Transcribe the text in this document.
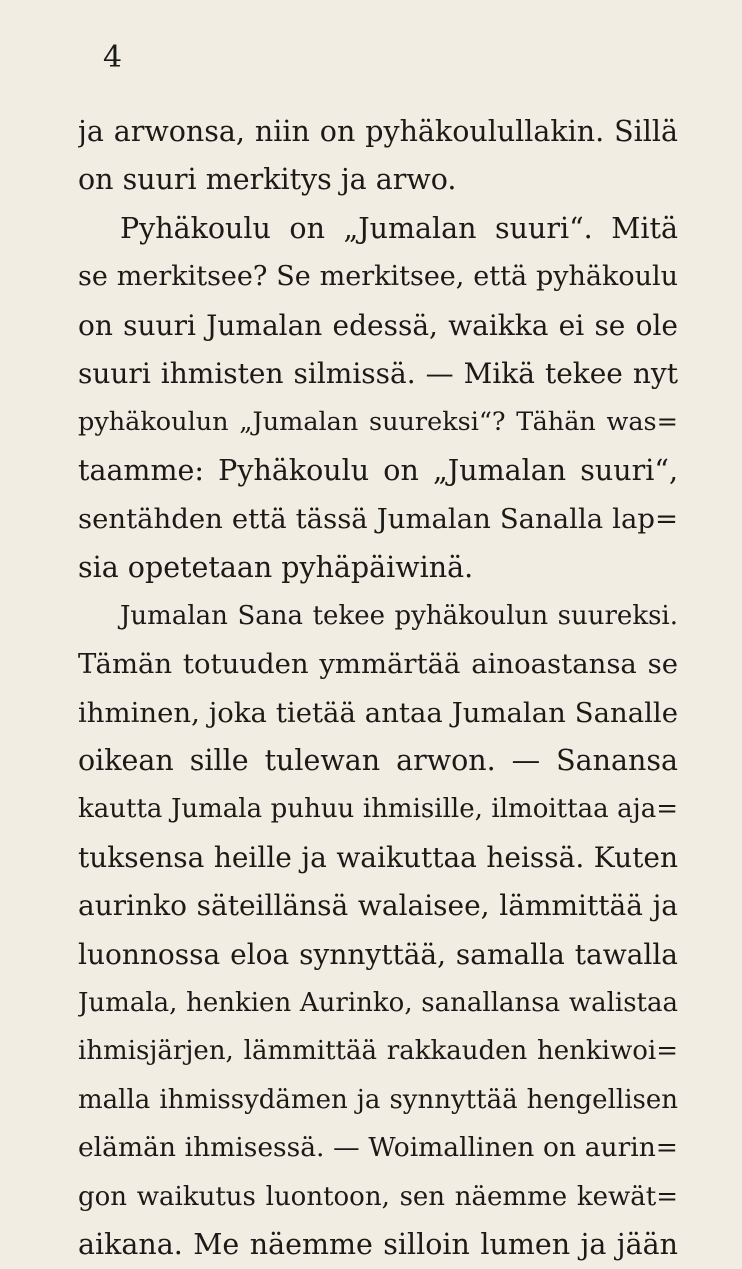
4
ja arwonsa, niin on pyhäkoulullakin. Sillä
on suuri merkitys ja arwo.
Pyhäkoulu on „Jumalan suuri“. Mitä
se merkitsee? Se merkitsee, että pyhäkoulu
on suuri Jumalan edessä, waikka ei se ole
suuri ihmisten silmissä. — Mikä tekee nyt
pyhäkoulun „Jumalan suureksi“? Tähän was=
taamme: Pyhäkoulu on „Jumalan suuri“,
sentähden että tässä Jumalan Sanalla lap=
sia opetetaan pyhäpäiwinä.
Jumalan Sana tekee pyhäkoulun suureksi.
Tämän totuuden ymmärtää ainoastansa se
ihminen, joka tietää antaa Jumalan Sanalle
oikean sille tulewan arwon. — Sanansa
kautta Jumala puhuu ihmisille, ilmoittaa aja=
tuksensa heille ja waikuttaa heissä. Kuten
aurinko säteillänsä walaisee, lämmittää ja
luonnossa eloa synnyttää, samalla tawalla
Jumala, henkien Aurinko, sanallansa walistaa
ihmisjärjen, lämmittää rakkauden henkiwoi=
malla ihmissydämen ja synnyttää hengellisen
elämän ihmisessä. — Woimallinen on aurin=
gon waikutus luontoon, sen näemme kewät=
aikana. Me näemme silloin lumen ja jään
